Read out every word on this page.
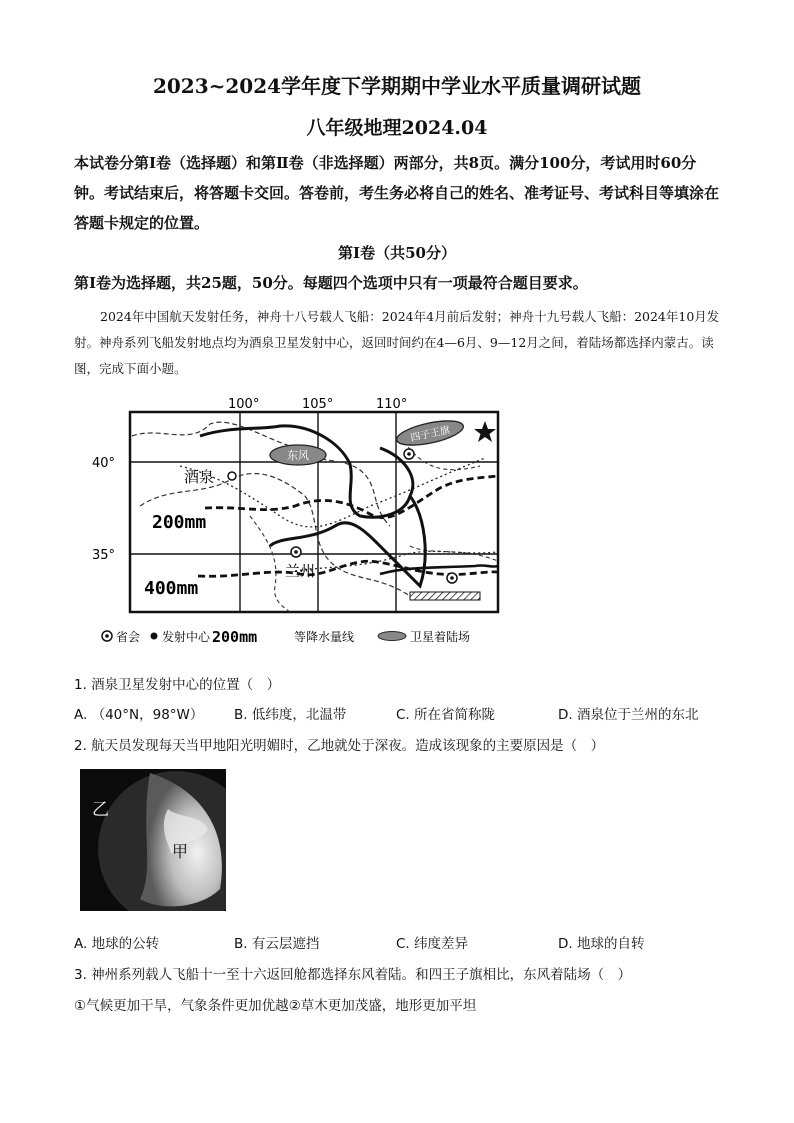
2023~2024学年度下学期期中学业水平质量调研试题
八年级地理2024.04
本试卷分第Ⅰ卷（选择题）和第Ⅱ卷（非选择题）两部分，共8页。满分100分，考试用时60分钟。考试结束后，将答题卡交回。答卷前，考生务必将自己的姓名、准考证号、考试科目等填涂在答题卡规定的位置。
第Ⅰ卷（共50分）
第Ⅰ卷为选择题，共25题，50分。每题四个选项中只有一项最符合题目要求。
2024年中国航天发射任务，神舟十八号载人飞船：2024年4月前后发射；神舟十九号载人飞船：2024年10月发射。神舟系列飞船发射地点均为酒泉卫星发射中心，返回时间约在4—6月、9—12月之间，着陆场都选择内蒙古。读图，完成下面小题。
东风
四子王旗
酒泉
兰州
200mm
400mm
100°	105°	110°
40°
35°
省会 发射中心 200mm	等降水量线	卫星着陆场
1. 酒泉卫星发射中心的位置（　）
A. （40°N，98°W） B. 低纬度，北温带	C. 所在省简称陇	D. 酒泉位于兰州的东北
2. 航天员发现每天当甲地阳光明媚时，乙地就处于深夜。造成该现象的主要原因是（　）
乙
甲
A. 地球的公转	B. 有云层遮挡	C. 纬度差异	D. 地球的自转
3. 神州系列载人飞船十一至十六返回舱都选择东风着陆。和四王子旗相比，东风着陆场（　）
①气候更加干旱，气象条件更加优越②草木更加茂盛，地形更加平坦
